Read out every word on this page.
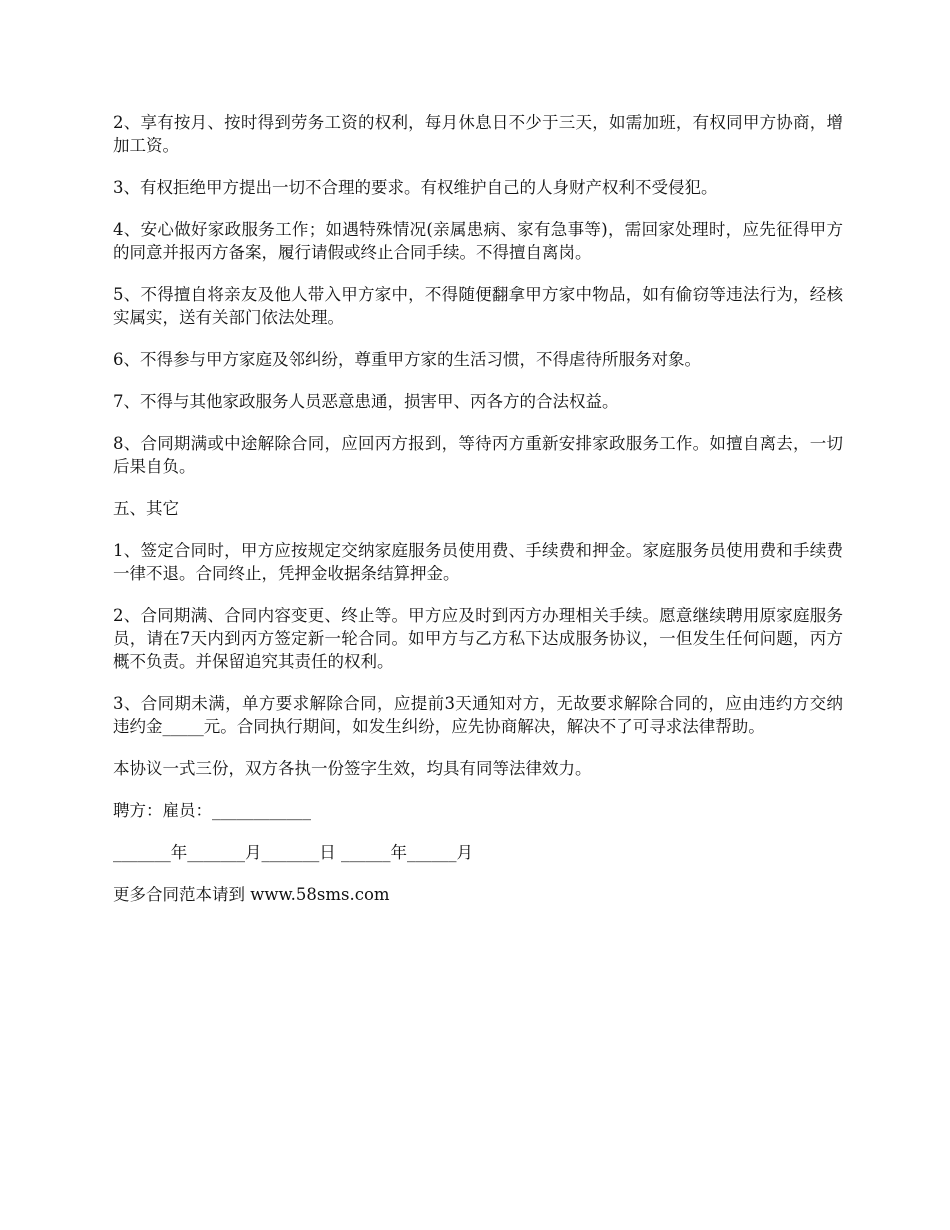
2、享有按月、按时得到劳务工资的权利，每月休息日不少于三天，如需加班，有权同甲方协商，增加工资。

3、有权拒绝甲方提出一切不合理的要求。有权维护自己的人身财产权利不受侵犯。

4、安心做好家政服务工作；如遇特殊情况(亲属患病、家有急事等)，需回家处理时，应先征得甲方的同意并报丙方备案，履行请假或终止合同手续。不得擅自离岗。

5、不得擅自将亲友及他人带入甲方家中，不得随便翻拿甲方家中物品，如有偷窃等违法行为，经核实属实，送有关部门依法处理。

6、不得参与甲方家庭及邻纠纷，尊重甲方家的生活习惯，不得虐待所服务对象。

7、不得与其他家政服务人员恶意患通，损害甲、丙各方的合法权益。

8、合同期满或中途解除合同，应回丙方报到，等待丙方重新安排家政服务工作。如擅自离去，一切后果自负。

五、其它

1、签定合同时，甲方应按规定交纳家庭服务员使用费、手续费和押金。家庭服务员使用费和手续费一律不退。合同终止，凭押金收据条结算押金。

2、合同期满、合同内容变更、终止等。甲方应及时到丙方办理相关手续。愿意继续聘用原家庭服务员，请在7天内到丙方签定新一轮合同。如甲方与乙方私下达成服务协议，一但发生任何问题，丙方概不负责。并保留追究其责任的权利。

3、合同期未满，单方要求解除合同，应提前3天通知对方，无故要求解除合同的，应由违约方交纳违约金_____元。合同执行期间，如发生纠纷，应先协商解决，解决不了可寻求法律帮助。

本协议一式三份，双方各执一份签字生效，均具有同等法律效力。

聘方：雇员：____________

_______年_______月_______日 ______年______月

更多合同范本请到 www.58sms.com
